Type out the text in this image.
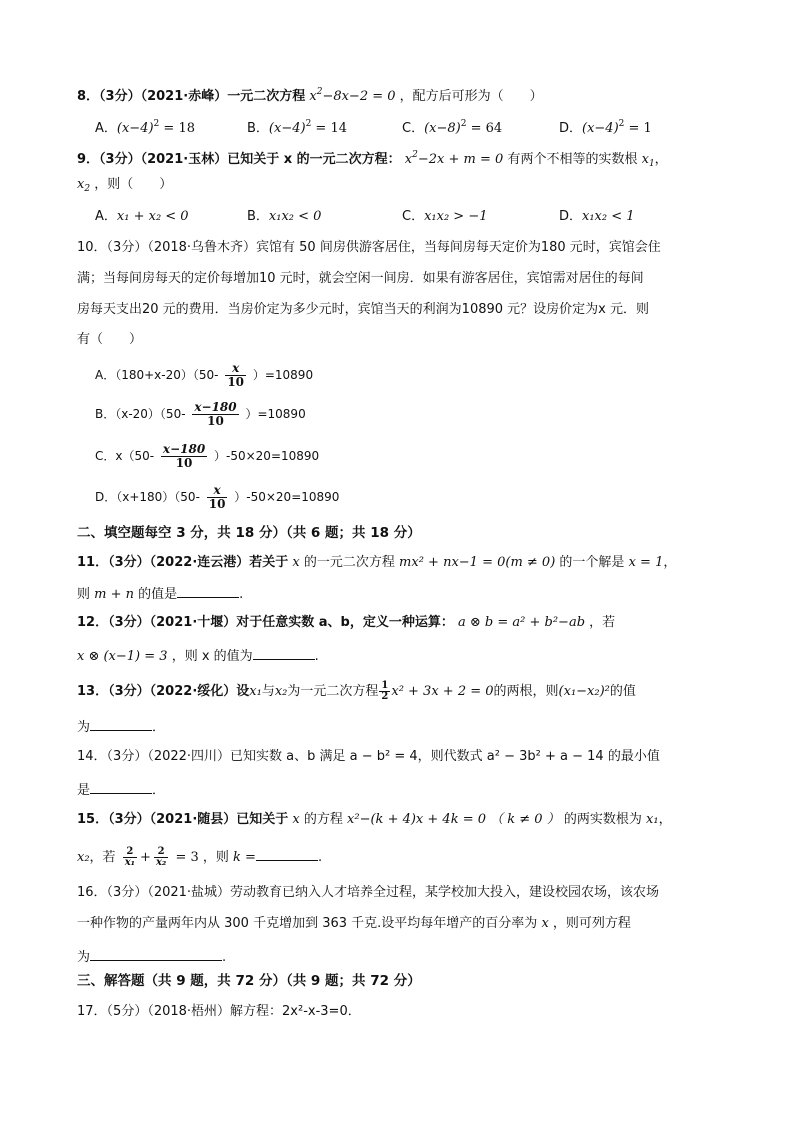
8．（3分）（2021·赤峰）一元二次方程 $x^2-8x-2 = 0$ ，配方后可形为（　　）
A．$(x-4)^2 = 18$	B．$(x-4)^2 = 14$	C．$(x-8)^2 = 64$	D．$(x-4)^2 = 1$
9．（3分）（2021·玉林）已知关于 x 的一元二次方程： $x^2-2x + m = 0$ 有两个不相等的实数根 $x_1$，
$x_2$ ，则（　　）
A．x₁ + x₂ < 0	B．x₁x₂ < 0	C．x₁x₂ > −1	D．x₁x₂ < 1
10．（3分）（2018·乌鲁木齐）宾馆有 50 间房供游客居住，当每间房每天定价为180 元时，宾馆会住
满；当每间房每天的定价每增加10 元时，就会空闲一间房．如果有游客居住，宾馆需对居住的每间
房每天支出20 元的费用．当房价定为多少元时，宾馆当天的利润为10890 元？设房价定为x 元．则
有（　　）
A．$(180+x-20)(50- \frac{x}{10} )=10890$
B．$(x-20)(50- \frac{x-180}{10} )=10890$
C．$x(50- \frac{x-180}{10} )-50\times 20=10890$
D．$(x+180)(50- \frac{x}{10} )-50\times 20=10890$
二、填空题每空 3 分，共 18 分）（共 6 题；共 18 分）
11．（3分）（2022·连云港）若关于 x 的一元二次方程 mx² + nx−1 = 0(m ≠ 0) 的一个解是 x = 1，
则 m + n 的值是	.
12．（3分）（2021·十堰）对于任意实数 a、b，定义一种运算： a ⊗ b = a² + b²−ab ，若
x ⊗ (x−1) = 3 ，则 x 的值为	.
13．（3分）（2022·绥化）设x₁与x₂为一元二次方程 $\frac{1}{2} x^2 + 3x + 2 = 0$的两根，则(x₁−x₂)²的值
为	．
14．（3分）（2022·四川）已知实数 a、b 满足 a − b² = 4，则代数式 a² − 3b² + a − 14 的最小值
是	．
15．（3分）（2021·随县）已知关于 x 的方程 x²−(k + 4)x + 4k = 0 （ k ≠ 0 ） 的两实数根为 x₁，
x₂，若 $\frac{2}{\text{x₁}} + \frac{2}{\text{x₂}} = 3$ ，则 k =	.
16．（3分）（2021·盐城）劳动教育已纳入人才培养全过程，某学校加大投入，建设校园农场，该农场
一种作物的产量两年内从 300 千克增加到 363 千克.设平均每年增产的百分率为 x ，则可列方程
为	.
三、解答题（共 9 题，共 72 分）（共 9 题；共 72 分）
17．（5分）（2018·梧州）解方程：2x²-x-3=0．
